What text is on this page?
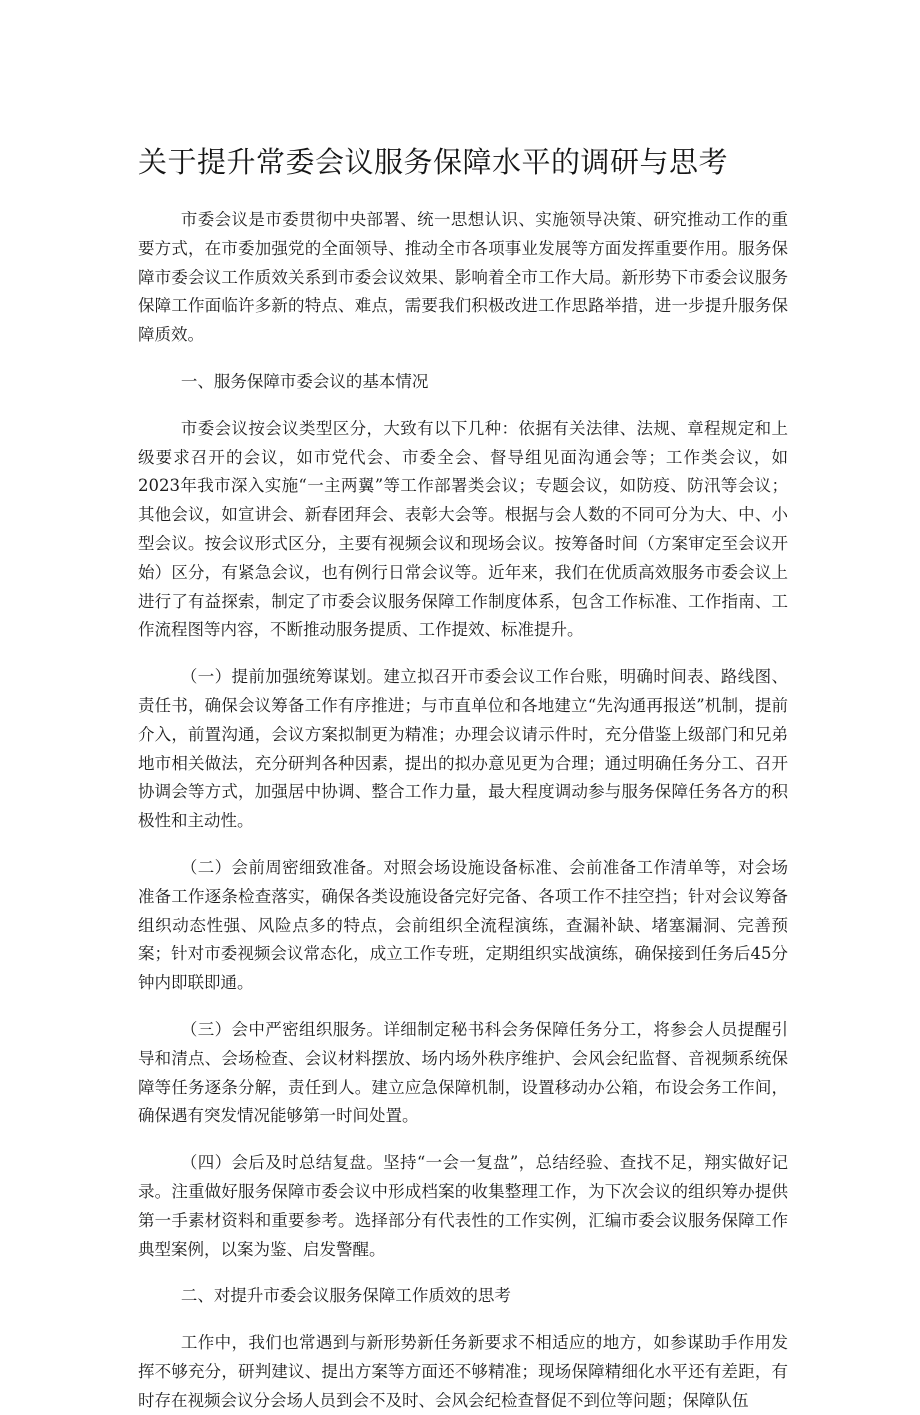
关于提升常委会议服务保障水平的调研与思考

市委会议是市委贯彻中央部署、统一思想认识、实施领导决策、研究推动工作的重要方式，在市委加强党的全面领导、推动全市各项事业发展等方面发挥重要作用。服务保障市委会议工作质效关系到市委会议效果、影响着全市工作大局。新形势下市委会议服务保障工作面临许多新的特点、难点，需要我们积极改进工作思路举措，进一步提升服务保障质效。

一、服务保障市委会议的基本情况

市委会议按会议类型区分，大致有以下几种：依据有关法律、法规、章程规定和上级要求召开的会议，如市党代会、市委全会、督导组见面沟通会等；工作类会议，如2023年我市深入实施“一主两翼”等工作部署类会议；专题会议，如防疫、防汛等会议；其他会议，如宣讲会、新春团拜会、表彰大会等。根据与会人数的不同可分为大、中、小型会议。按会议形式区分，主要有视频会议和现场会议。按筹备时间（方案审定至会议开始）区分，有紧急会议，也有例行日常会议等。近年来，我们在优质高效服务市委会议上进行了有益探索，制定了市委会议服务保障工作制度体系，包含工作标准、工作指南、工作流程图等内容，不断推动服务提质、工作提效、标准提升。

（一）提前加强统筹谋划。建立拟召开市委会议工作台账，明确时间表、路线图、责任书，确保会议筹备工作有序推进；与市直单位和各地建立“先沟通再报送”机制，提前介入，前置沟通，会议方案拟制更为精准；办理会议请示件时，充分借鉴上级部门和兄弟地市相关做法，充分研判各种因素，提出的拟办意见更为合理；通过明确任务分工、召开协调会等方式，加强居中协调、整合工作力量，最大程度调动参与服务保障任务各方的积极性和主动性。

（二）会前周密细致准备。对照会场设施设备标准、会前准备工作清单等，对会场准备工作逐条检查落实，确保各类设施设备完好完备、各项工作不挂空挡；针对会议筹备组织动态性强、风险点多的特点，会前组织全流程演练，查漏补缺、堵塞漏洞、完善预案；针对市委视频会议常态化，成立工作专班，定期组织实战演练，确保接到任务后45分钟内即联即通。

（三）会中严密组织服务。详细制定秘书科会务保障任务分工，将参会人员提醒引导和清点、会场检查、会议材料摆放、场内场外秩序维护、会风会纪监督、音视频系统保障等任务逐条分解，责任到人。建立应急保障机制，设置移动办公箱，布设会务工作间，确保遇有突发情况能够第一时间处置。

（四）会后及时总结复盘。坚持“一会一复盘”，总结经验、查找不足，翔实做好记录。注重做好服务保障市委会议中形成档案的收集整理工作，为下次会议的组织筹办提供第一手素材资料和重要参考。选择部分有代表性的工作实例，汇编市委会议服务保障工作典型案例，以案为鉴、启发警醒。

二、对提升市委会议服务保障工作质效的思考

工作中，我们也常遇到与新形势新任务新要求不相适应的地方，如参谋助手作用发挥不够充分，研判建议、提出方案等方面还不够精准；现场保障精细化水平还有差距，有时存在视频会议分会场人员到会不及时、会风会纪检查督促不到位等问题；保障队伍
